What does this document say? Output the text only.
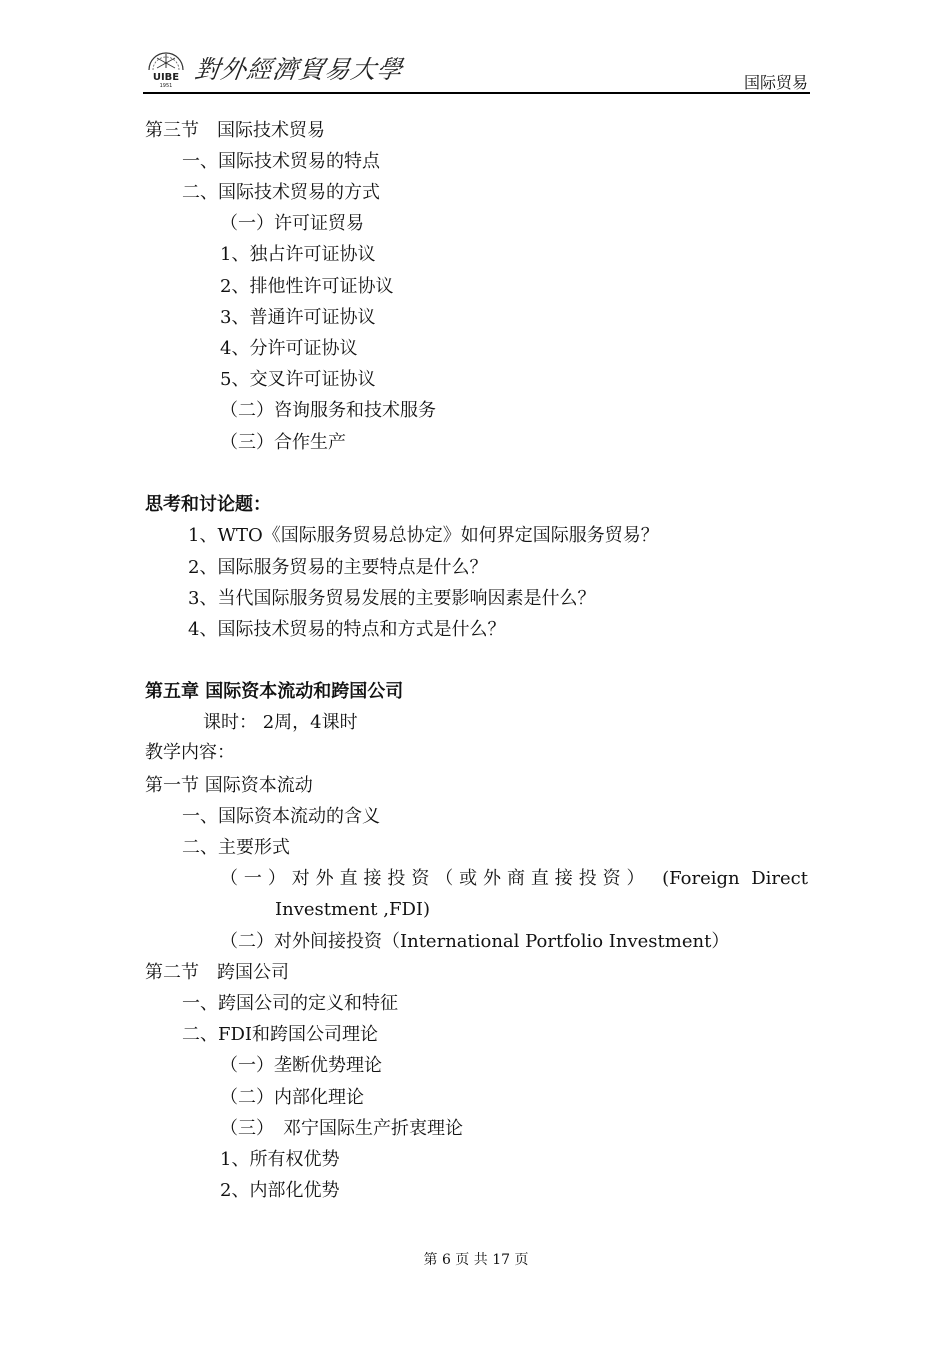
UIBE
1951
對外經濟貿易大學	国际贸易
第三节　国际技术贸易
一、国际技术贸易的特点
二、国际技术贸易的方式
（一）许可证贸易
1、独占许可证协议
2、排他性许可证协议
3、普通许可证协议
4、分许可证协议
5、交叉许可证协议
（二）咨询服务和技术服务
（三）合作生产
思考和讨论题：
1、WTO《国际服务贸易总协定》如何界定国际服务贸易？
2、国际服务贸易的主要特点是什么？
3、当代国际服务贸易发展的主要影响因素是什么？
4、国际技术贸易的特点和方式是什么？
第五章 国际资本流动和跨国公司
课时： 2周，4课时
教学内容：
第一节 国际资本流动
一、国际资本流动的含义
二、主要形式
（一）对外直接投资（或外商直接投资） (Foreign Direct
Investment ,FDI)
（二）对外间接投资（International Portfolio Investment）
第二节　跨国公司
一、跨国公司的定义和特征
二、FDI和跨国公司理论
（一）垄断优势理论
（二）内部化理论
（三）　邓宁国际生产折衷理论
1、所有权优势
2、内部化优势
第 6 页 共 17 页
